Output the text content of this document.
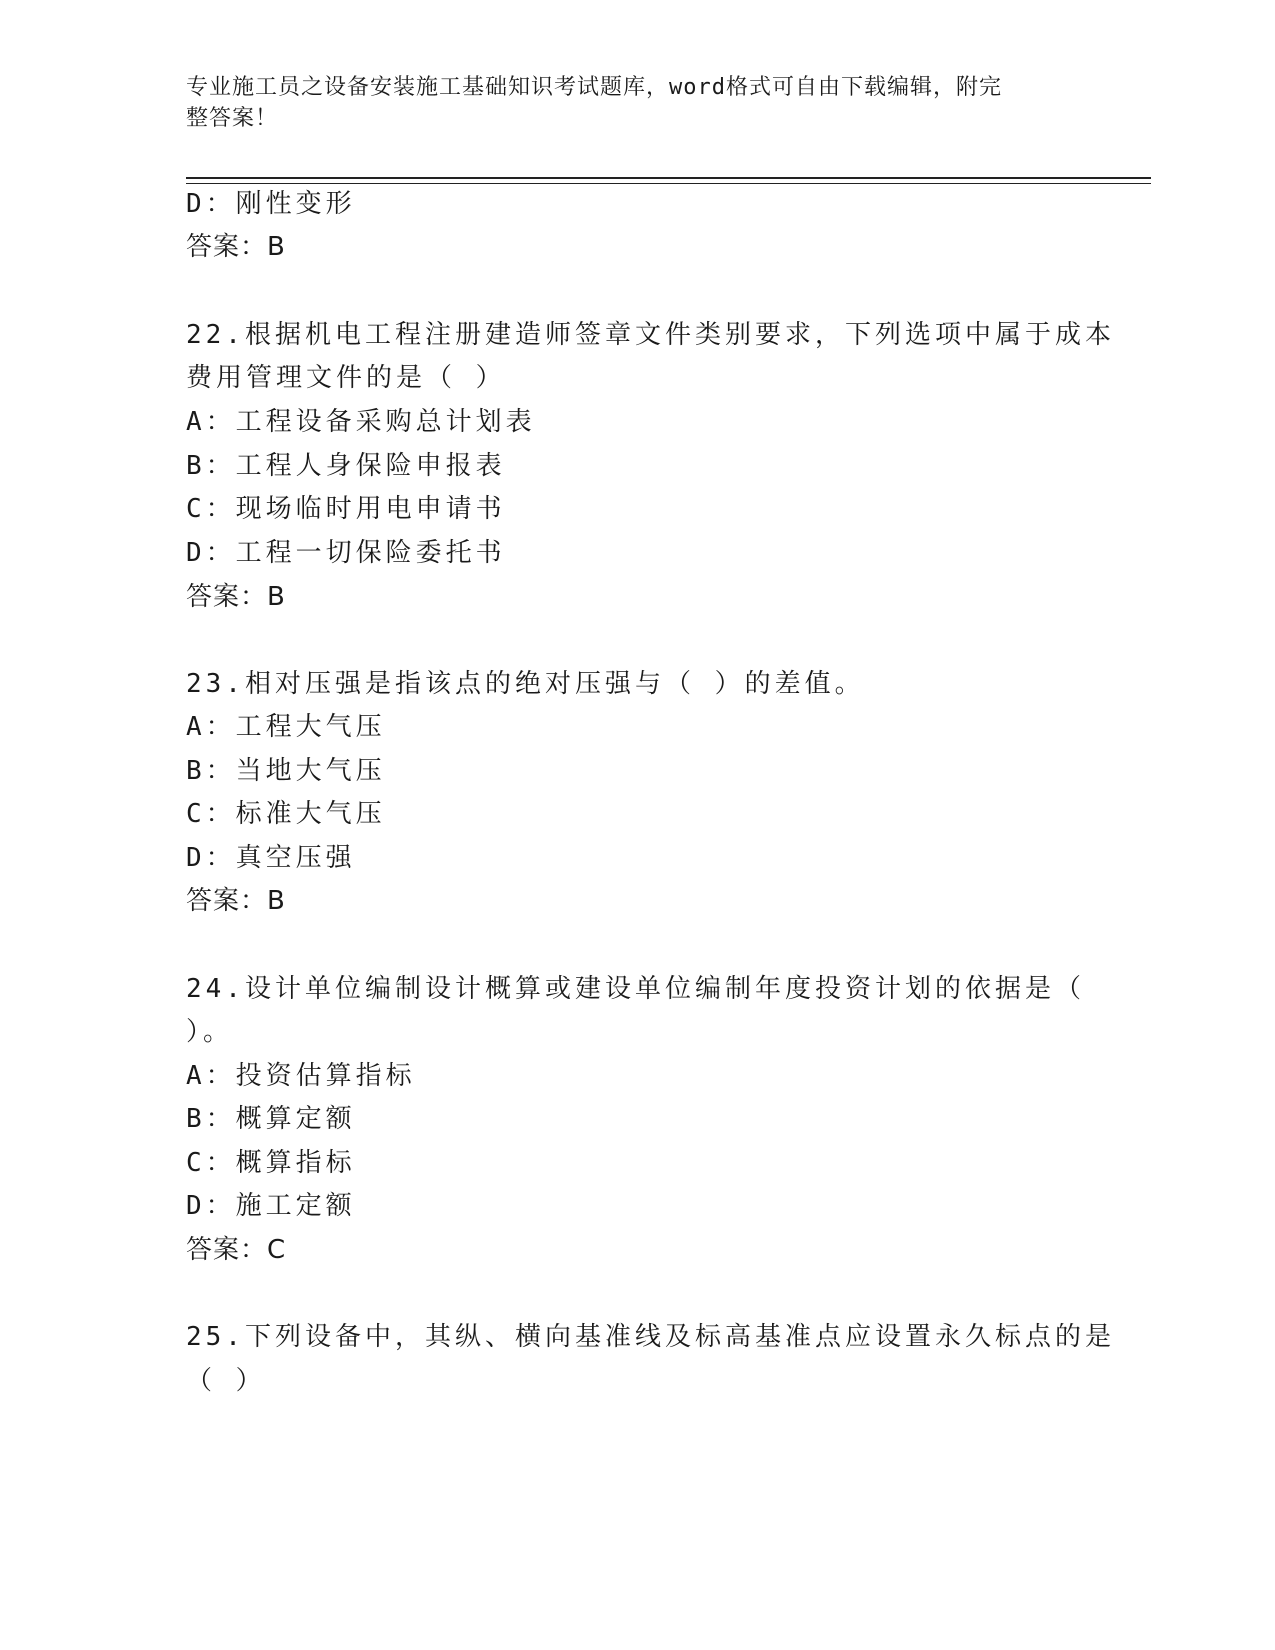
专业施工员之设备安装施工基础知识考试题库，word格式可自由下载编辑，附完
整答案！
D：刚性变形
答案：B
22.根据机电工程注册建造师签章文件类别要求，下列选项中属于成本
费用管理文件的是（ ）
A：工程设备采购总计划表
B：工程人身保险申报表
C：现场临时用电申请书
D：工程一切保险委托书
答案：B
23.相对压强是指该点的绝对压强与（ ）的差值。
A：工程大气压
B：当地大气压
C：标准大气压
D：真空压强
答案：B
24.设计单位编制设计概算或建设单位编制年度投资计划的依据是（
）。
A：投资估算指标
B：概算定额
C：概算指标
D：施工定额
答案：C
25.下列设备中，其纵、横向基准线及标高基准点应设置永久标点的是
（ ）
